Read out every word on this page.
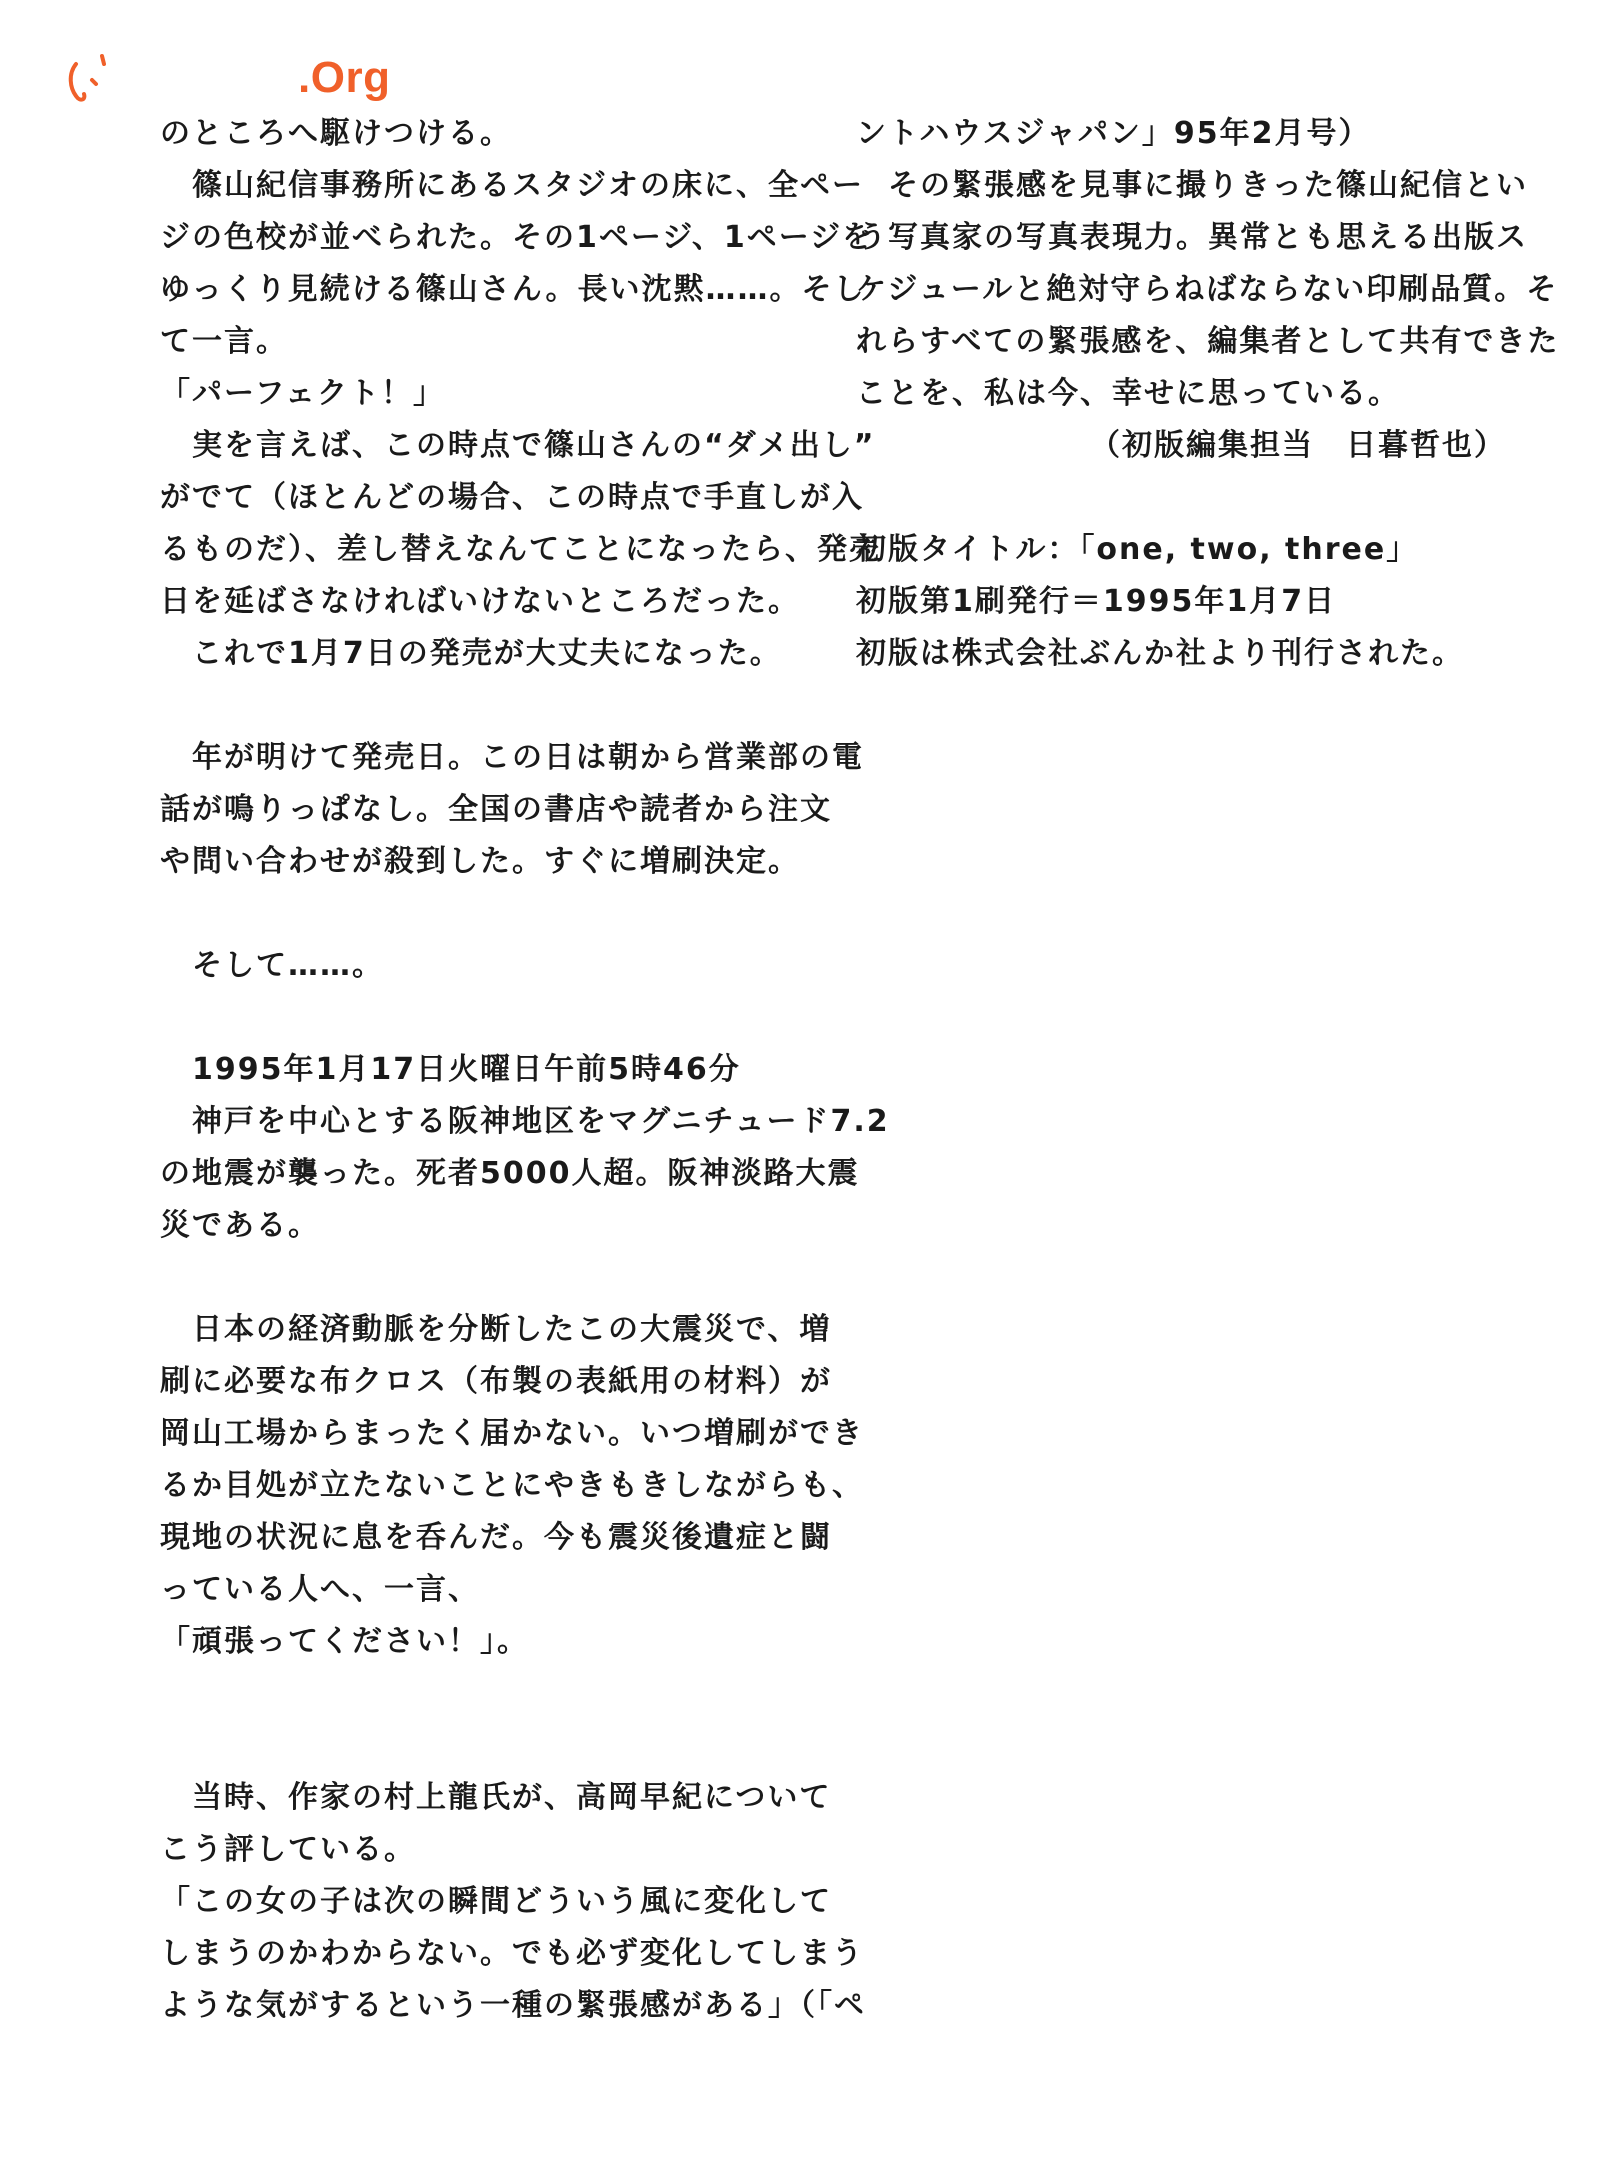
.Org
のところへ駆けつける。
　篠山紀信事務所にあるスタジオの床に、全ペー
ジの色校が並べられた。その1ページ、1ページを
ゆっくり見続ける篠山さん。長い沈黙……。そし
て一言。
「パーフェクト！」
　実を言えば、この時点で篠山さんの“ダメ出し”
がでて（ほとんどの場合、この時点で手直しが入
るものだ）、差し替えなんてことになったら、発売
日を延ばさなければいけないところだった。
　これで1月7日の発売が大丈夫になった。
　年が明けて発売日。この日は朝から営業部の電
話が鳴りっぱなし。全国の書店や読者から注文
や問い合わせが殺到した。すぐに増刷決定。
　そして……。
　1995年1月17日火曜日午前5時46分
　神戸を中心とする阪神地区をマグニチュード7.2
の地震が襲った。死者5000人超。阪神淡路大震
災である。
　日本の経済動脈を分断したこの大震災で、増
刷に必要な布クロス（布製の表紙用の材料）が
岡山工場からまったく届かない。いつ増刷ができ
るか目処が立たないことにやきもきしながらも、
現地の状況に息を呑んだ。今も震災後遺症と闘
っている人へ、一言、
「頑張ってください！」。
　当時、作家の村上龍氏が、高岡早紀について
こう評している。
「この女の子は次の瞬間どういう風に変化して
しまうのかわからない。でも必ず変化してしまう
ような気がするという一種の緊張感がある」（「ペ
ントハウスジャパン」95年2月号）
　その緊張感を見事に撮りきった篠山紀信とい
う写真家の写真表現力。異常とも思える出版ス
ケジュールと絶対守らねばならない印刷品質。そ
れらすべての緊張感を、編集者として共有できた
ことを、私は今、幸せに思っている。
（初版編集担当　日暮哲也）
初版タイトル：「one, two, three」
初版第1刷発行＝1995年1月7日
初版は株式会社ぶんか社より刊行された。
